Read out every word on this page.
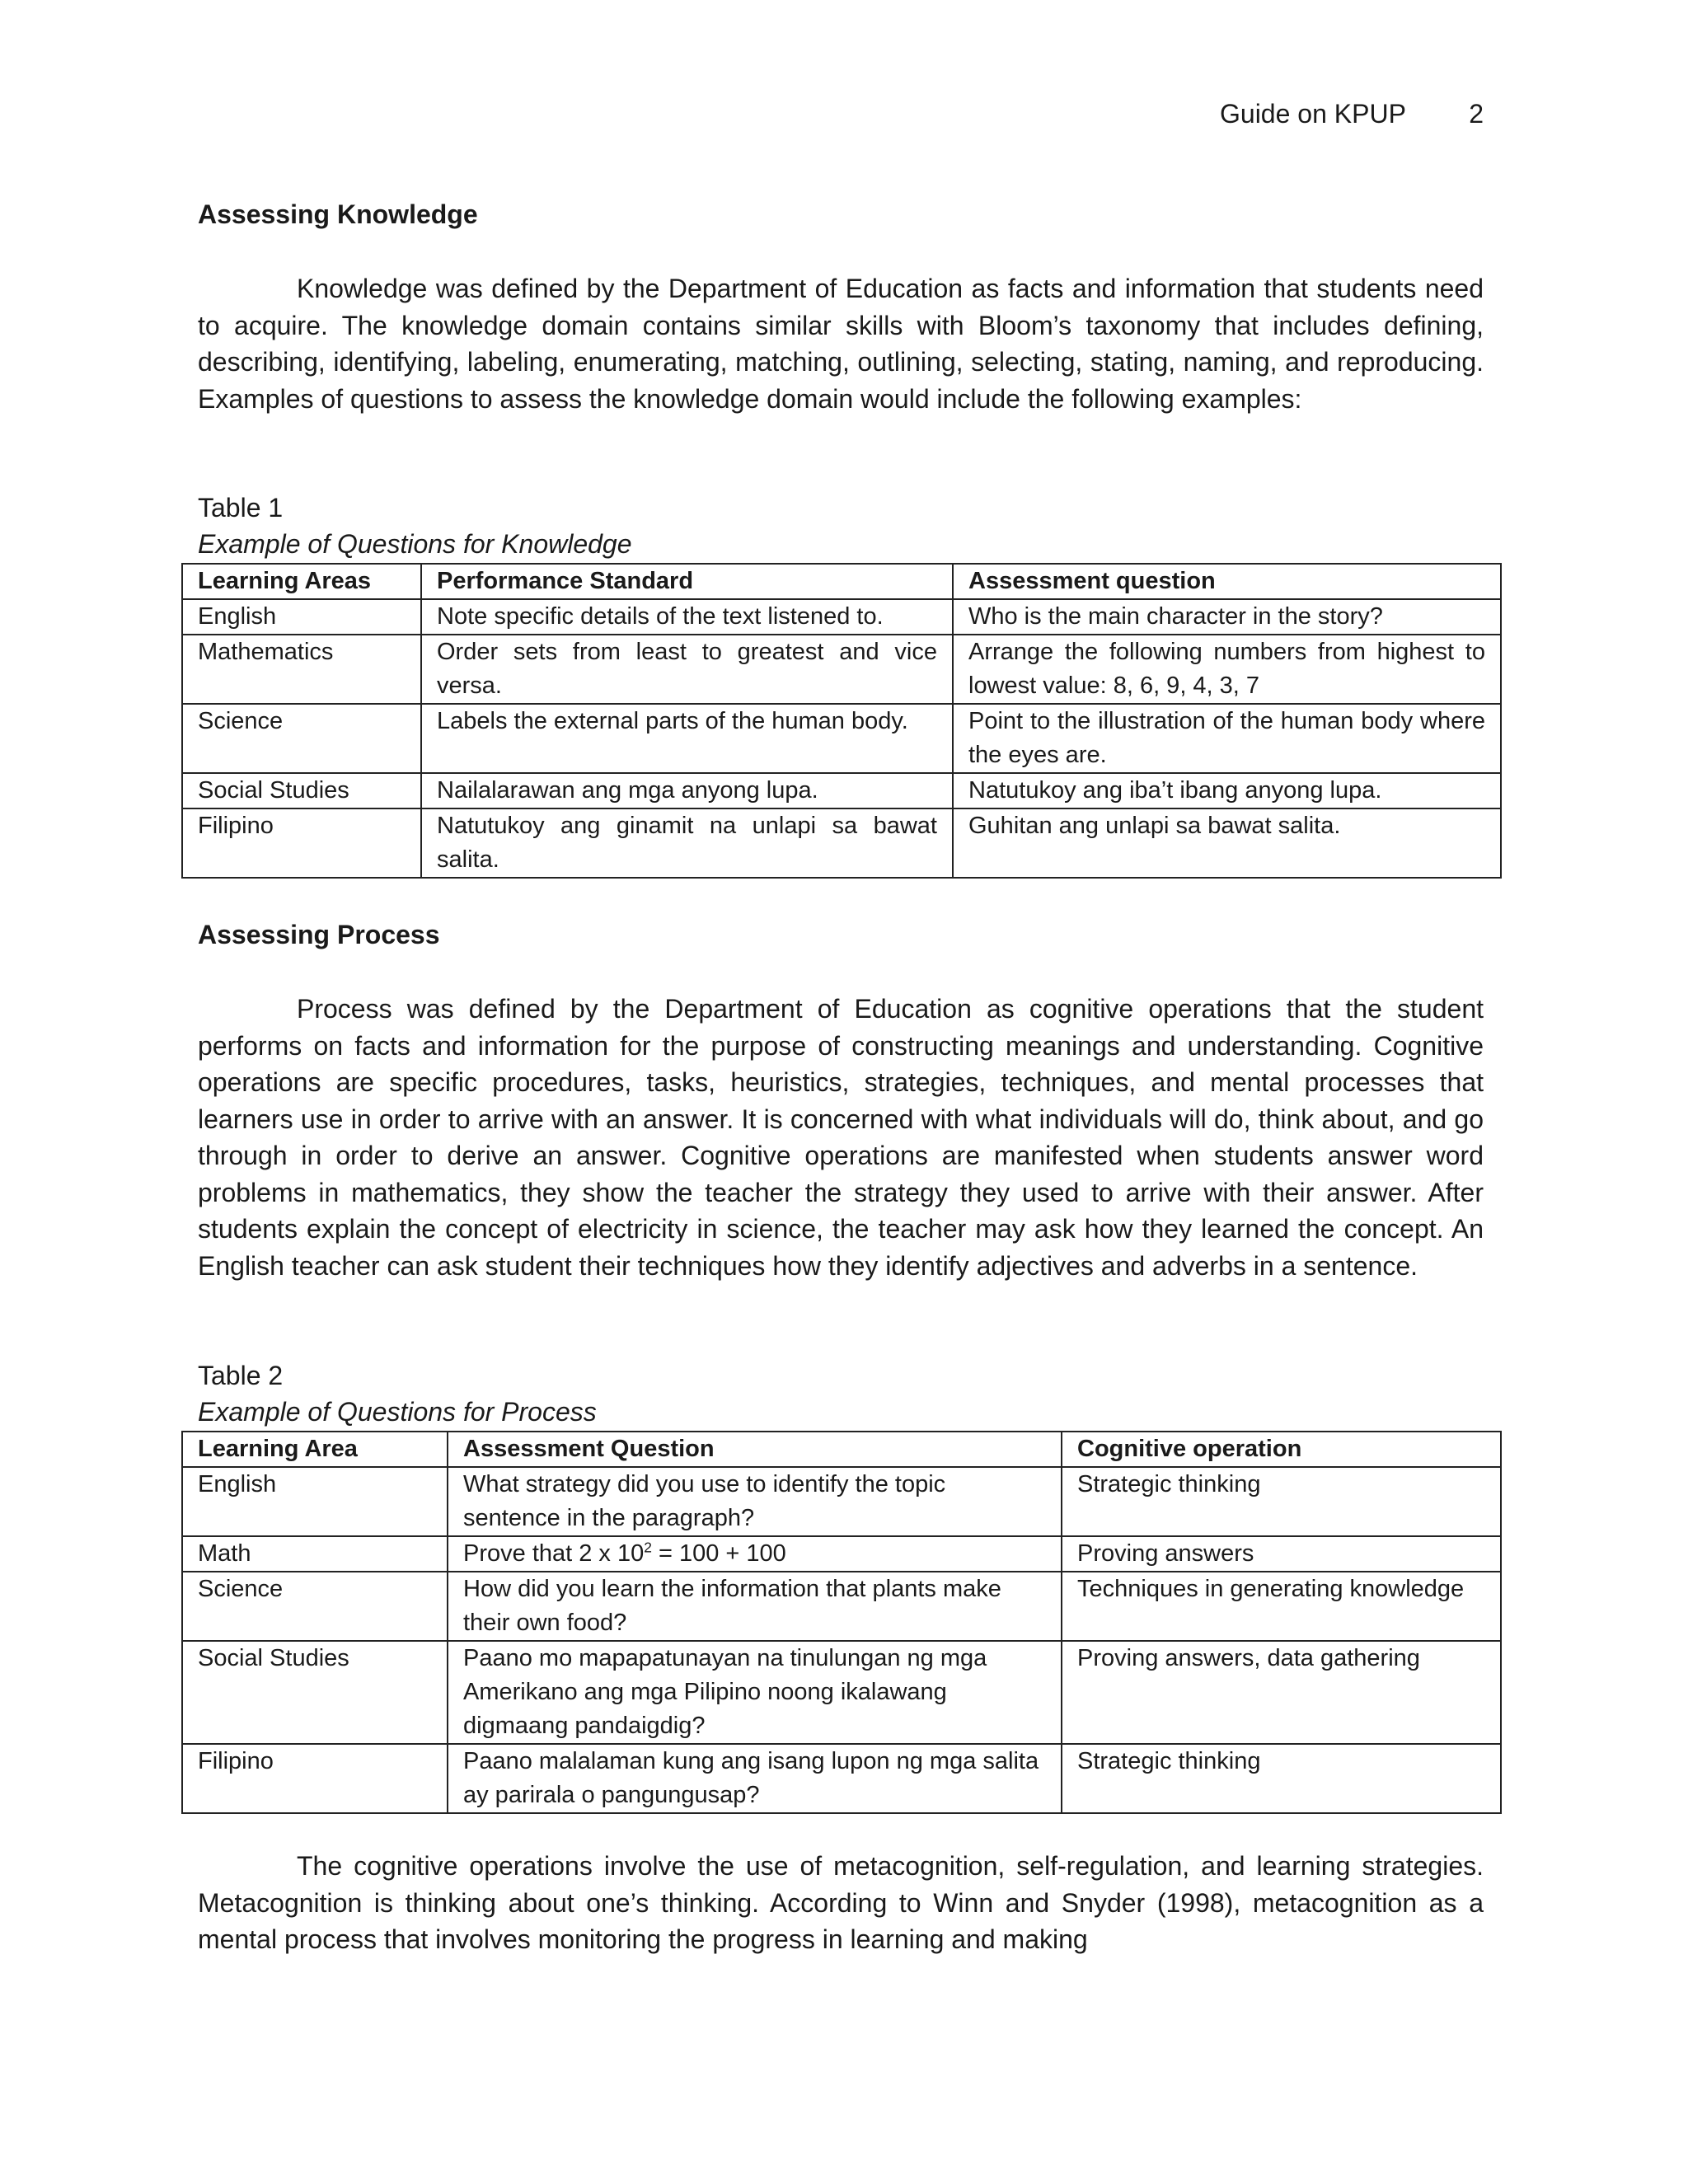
Guide on KPUP 2
Assessing Knowledge

Knowledge was defined by the Department of Education as facts and information that students need to acquire. The knowledge domain contains similar skills with Bloom’s taxonomy that includes defining, describing, identifying, labeling, enumerating, matching, outlining, selecting, stating, naming, and reproducing. Examples of questions to assess the knowledge domain would include the following examples:

Table 1
Example of Questions for Knowledge
Learning Areas	Performance Standard	Assessment question
English	Note specific details of the text listened to.	Who is the main character in the story?
Mathematics	Order sets from least to greatest and vice versa.	Arrange the following numbers from highest to lowest value: 8, 6, 9, 4, 3, 7
Science	Labels the external parts of the human body.	Point to the illustration of the human body where the eyes are.
Social Studies	Nailalarawan ang mga anyong lupa.	Natutukoy ang iba’t ibang anyong lupa.
Filipino	Natutukoy ang ginamit na unlapi sa bawat salita.	Guhitan ang unlapi sa bawat salita.
Assessing Process

Process was defined by the Department of Education as cognitive operations that the student performs on facts and information for the purpose of constructing meanings and understanding. Cognitive operations are specific procedures, tasks, heuristics, strategies, techniques, and mental processes that learners use in order to arrive with an answer. It is concerned with what individuals will do, think about, and go through in order to derive an answer. Cognitive operations are manifested when students answer word problems in mathematics, they show the teacher the strategy they used to arrive with their answer. After students explain the concept of electricity in science, the teacher may ask how they learned the concept. An English teacher can ask student their techniques how they identify adjectives and adverbs in a sentence.

Table 2
Example of Questions for Process
Learning Area	Assessment Question	Cognitive operation
English	What strategy did you use to identify the topic sentence in the paragraph?	Strategic thinking
Math	Prove that 2 x $10^2 = 100 + 100$	Proving answers
Science	How did you learn the information that plants make their own food?	Techniques in generating knowledge
Social Studies	Paano mo mapapatunayan na tinulungan ng mga Amerikano ang mga Pilipino noong ikalawang digmaang pandaigdig?	Proving answers, data gathering
Filipino	Paano malalaman kung ang isang lupon ng mga salita ay parirala o pangungusap?	Strategic thinking

The cognitive operations involve the use of metacognition, self-regulation, and learning strategies. Metacognition is thinking about one’s thinking. According to Winn and Snyder (1998), metacognition as a mental process that involves monitoring the progress in learning and making
